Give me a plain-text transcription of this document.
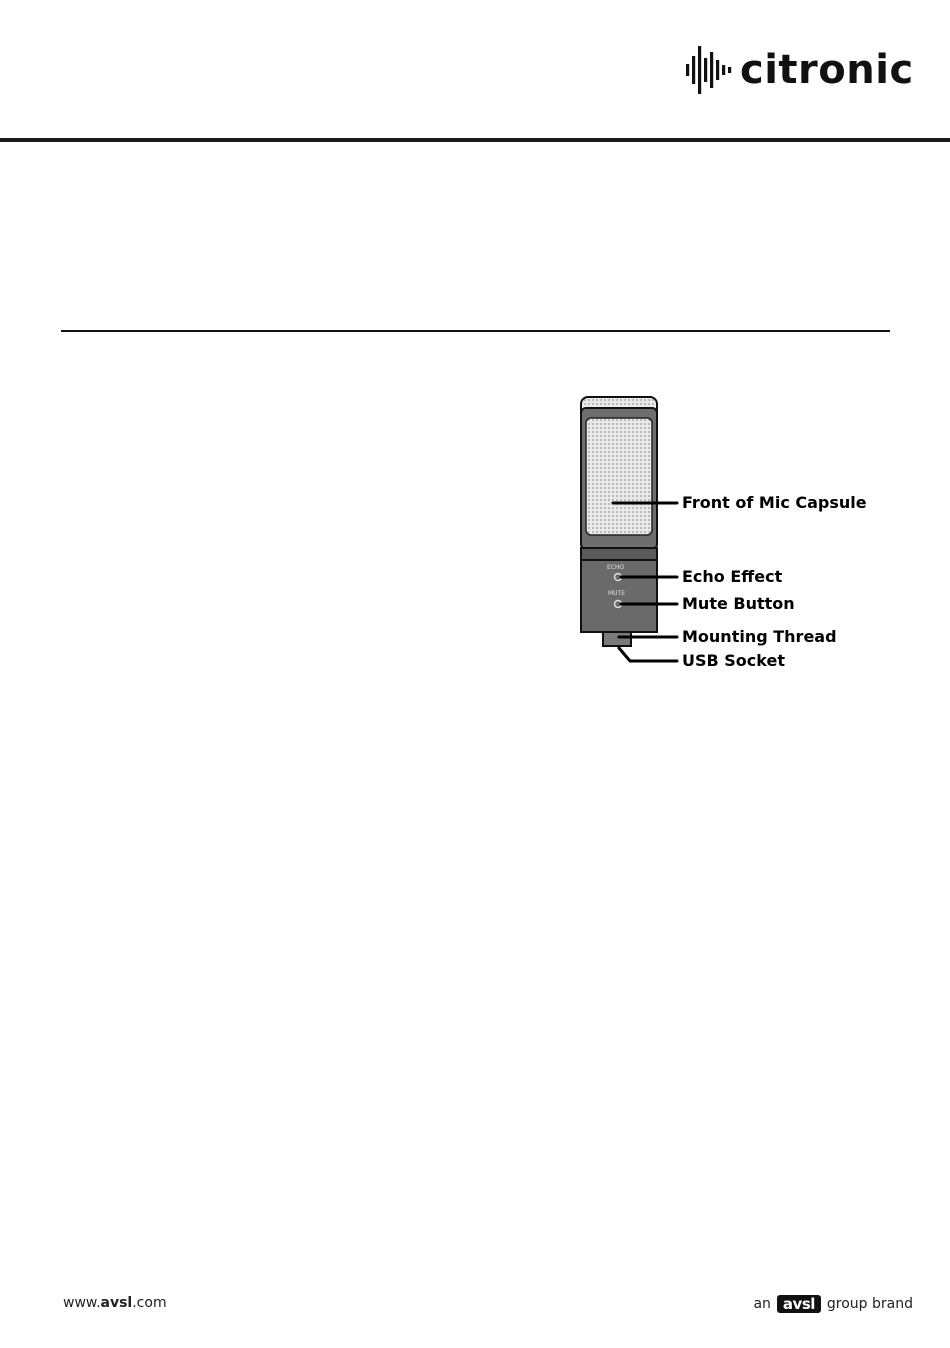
citronic
ECHO
MUTE
Front of Mic Capsule
Echo Effect
Mute Button
Mounting Thread
USB Socket
www.avsl.com	an avsl group brand
